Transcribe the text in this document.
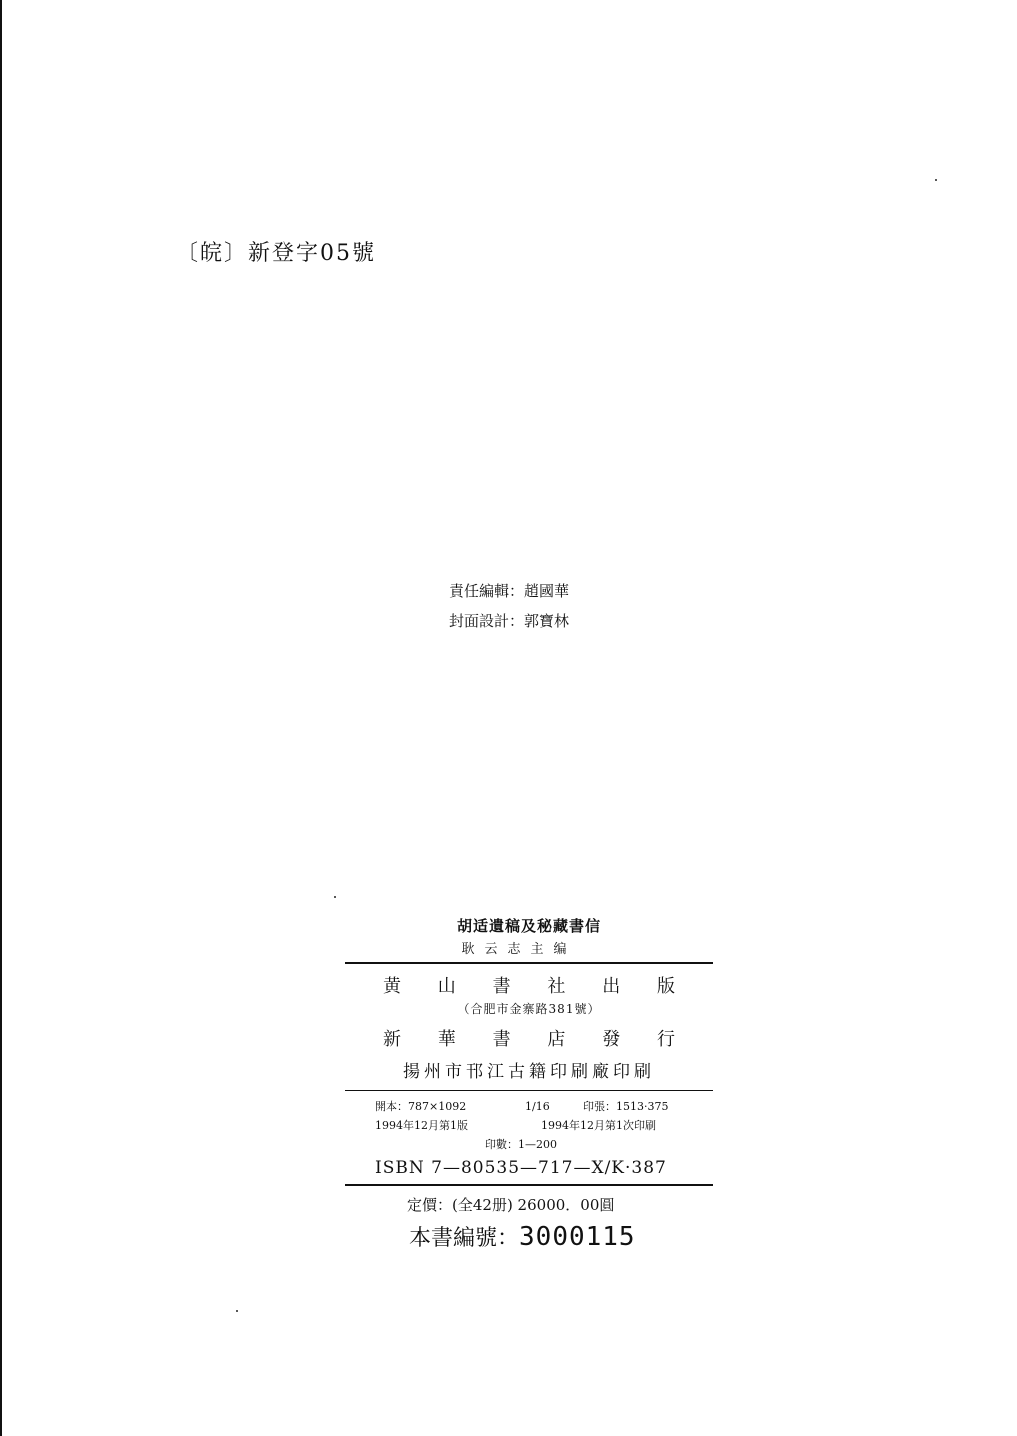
〔皖〕新登字05號
責任編輯：趙國華
封面設計：郭寶林
胡适遺稿及秘藏書信
耿云志主编
黄 山 書 社 出 版
（合肥市金寨路381號）
新 華 書 店 發 行
揚州市邗江古籍印刷廠印刷
開本：787×1092	1/16	印張：1513·375
1994年12月第1版	1994年12月第1次印刷
印數：1—200
ISBN 7—80535—717—X/K·387
定價：(全42册) 26000．00圓
本書編號：3000115
